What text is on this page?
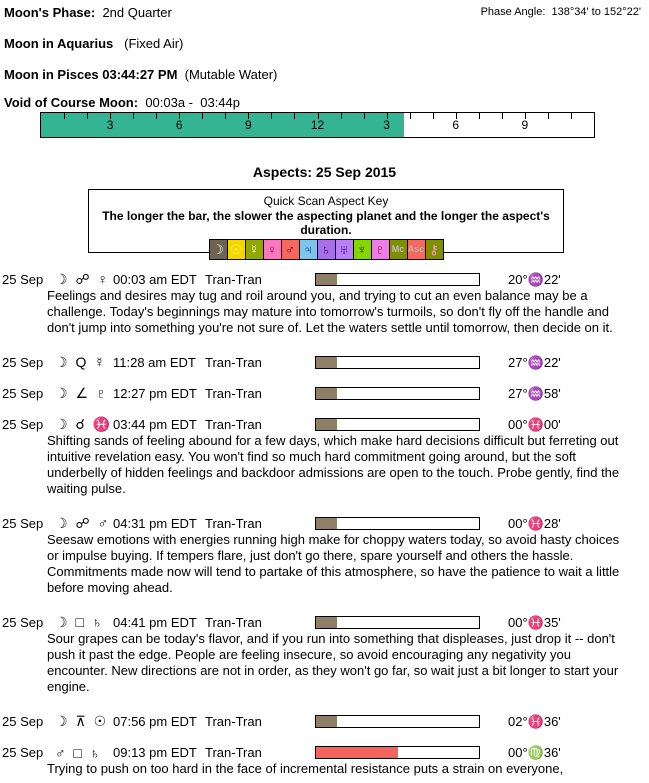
Moon's Phase: 2nd Quarter	Phase Angle: 138°34' to 152°22'
Moon in Aquarius (Fixed Air)
Moon in Pisces 03:44:27 PM (Mutable Water)
Void of Course Moon: 00:03a -  03:44p
3	6	9	12	3	6	9
Aspects: 25 Sep 2015
Quick Scan Aspect Key
The longer the bar, the slower the aspecting planet and the longer the aspect's duration.
☽ ☉ ☿ ♀ ♂ ♃ ♄ ♅ ♆ ♇ Mc Asc ⚷
25 Sep ☽ ☍ ♀ 00:03 am EDT Tran-Tran	20°♒22'
Feelings and desires may tug and roil around you, and trying to cut an even balance may be a challenge. Today's beginnings may mature into tomorrow's turmoils, so don't fly off the handle and don't jump into something you're not sure of. Let the waters settle until tomorrow, then decide on it.
25 Sep ☽ Q ☿ 11:28 am EDT Tran-Tran	27°♒22'
25 Sep ☽ ∠ ♇ 12:27 pm EDT Tran-Tran	27°♒58'
25 Sep ☽ ☌ ♓ 03:44 pm EDT Tran-Tran	00°♓00'
Shifting sands of feeling abound for a few days, which make hard decisions difficult but ferreting out intuitive revelation easy. You won't find so much hard commitment going around, but the soft underbelly of hidden feelings and backdoor admissions are open to the touch. Probe gently, find the waiting pulse.
25 Sep ☽ ☍ ♂ 04:31 pm EDT Tran-Tran	00°♓28'
Seesaw emotions with energies running high make for choppy waters today, so avoid hasty choices or impulse buying. If tempers flare, just don't go there, spare yourself and others the hassle. Commitments made now will tend to partake of this atmosphere, so have the patience to wait a little before moving ahead.
25 Sep ☽ □ ♄ 04:41 pm EDT Tran-Tran	00°♓35'
Sour grapes can be today's flavor, and if you run into something that displeases, just drop it -- don't push it past the edge. People are feeling insecure, so avoid encouraging any negativity you encounter. New directions are not in order, as they won't go far, so wait just a bit longer to start your engine.
25 Sep ☽ ⊼ ☉ 07:56 pm EDT Tran-Tran	02°♓36'
25 Sep ♂ □ ♄ 09:13 pm EDT Tran-Tran	00°♍36'
Trying to push on too hard in the face of incremental resistance puts a strain on everyone,
